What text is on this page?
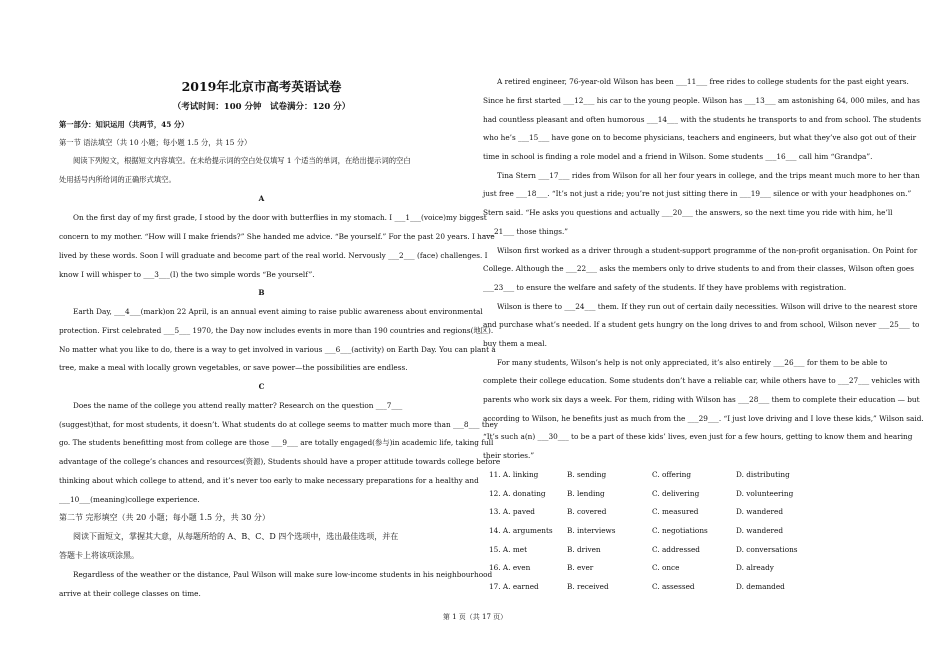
2019年北京市高考英语试卷
（考试时间：100 分钟　试卷满分：120 分）
第一部分：知识运用（共两节，45 分）
第一节 语法填空（共 10 小题；每小题 1.5 分，共 15 分）
阅读下列短文，根据短文内容填空。在未给提示词的空白处仅填写 1 个适当的单词，在给出提示词的空白
处用括号内所给词的正确形式填空。
A
On the first day of my first grade, I stood by the door with butterflies in my stomach. I ___1___(voice)my biggest
concern to my mother. “How will I make friends?” She handed me advice. “Be yourself.” For the past 20 years. I have
lived by these words. Soon I will graduate and become part of the real world. Nervously ___2___ (face) challenges. I
know I will whisper to ___3___(I) the two simple words “Be yourself”.
B
Earth Day, ___4___(mark)on 22 April, is an annual event aiming to raise public awareness about environmental
protection. First celebrated ___5___ 1970, the Day now includes events in more than 190 countries and regions(地区).
No matter what you like to do, there is a way to get involved in various ___6___(activity) on Earth Day. You can plant a
tree, make a meal with locally grown vegetables, or save power—the possibilities are endless.
C
Does the name of the college you attend really matter? Research on the question ___7___
(suggest)that, for most students, it doesn’t. What students do at college seems to matter much more than ___8___ they
go. The students benefitting most from college are those ___9___ are totally engaged(参与)in academic life, taking full
advantage of the college’s chances and resources(资源), Students should have a proper attitude towards college before
thinking about which college to attend, and it’s never too early to make necessary preparations for a healthy and
___10___(meaning)college experience.
第二节 完形填空（共 20 小题；每小题 1.5 分，共 30 分）
阅读下面短文，掌握其大意，从每题所给的 A、B、C、D 四个选项中，选出最佳选项，并在
答题卡上将该项涂黑。
Regardless of the weather or the distance, Paul Wilson will make sure low-income students in his neighbourhood
arrive at their college classes on time.
A retired engineer, 76-year-old Wilson has been ___11___ free rides to college students for the past eight years.
Since he first started ___12___ his car to the young people. Wilson has ___13___ am astonishing 64, 000 miles, and has
had countless pleasant and often humorous ___14___ with the students he transports to and from school. The students
who he’s ___15___ have gone on to become physicians, teachers and engineers, but what they’ve also got out of their
time in school is finding a role model and a friend in Wilson. Some students ___16___ call him “Grandpa”.
Tina Stern ___17___ rides from Wilson for all her four years in college, and the trips meant much more to her than
just free ___18___. “It’s not just a ride; you’re not just sitting there in ___19___ silence or with your headphones on.”
Stern said. “He asks you questions and actually ___20___ the answers, so the next time you ride with him, he’ll
___21___ those things.”
Wilson first worked as a driver through a student-support programme of the non-profit organisation. On Point for
College. Although the ___22___ asks the members only to drive students to and from their classes, Wilson often goes
___23___ to ensure the welfare and safety of the students. If they have problems with registration.
Wilson is there to ___24___ them. If they run out of certain daily necessities. Wilson will drive to the nearest store
and purchase what’s needed. If a student gets hungry on the long drives to and from school, Wilson never ___25___ to
buy them a meal.
For many students, Wilson’s help is not only appreciated, it’s also entirely ___26___ for them to be able to
complete their college education. Some students don’t have a reliable car, while others have to ___27___ vehicles with
parents who work six days a week. For them, riding with Wilson has ___28___ them to complete their education — but
according to Wilson, he benefits just as much from the ___29___. “I just love driving and I love these kids,” Wilson said.
“It’s such a(n) ___30___ to be a part of these kids’ lives, even just for a few hours, getting to know them and hearing
their stories.”
11. A. linking	B. sending	C. offering	D. distributing
12. A. donating	B. lending	C. delivering	D. volunteering
13. A. paved	B. covered	C. measured	D. wandered
14. A. arguments B. interviews	C. negotiations	D. wandered
15. A. met	B. driven	C. addressed	D. conversations
16. A. even	B. ever	C. once	D. already
17. A. earned	B. received	C. assessed	D. demanded
第 1 页（共 17 页）
